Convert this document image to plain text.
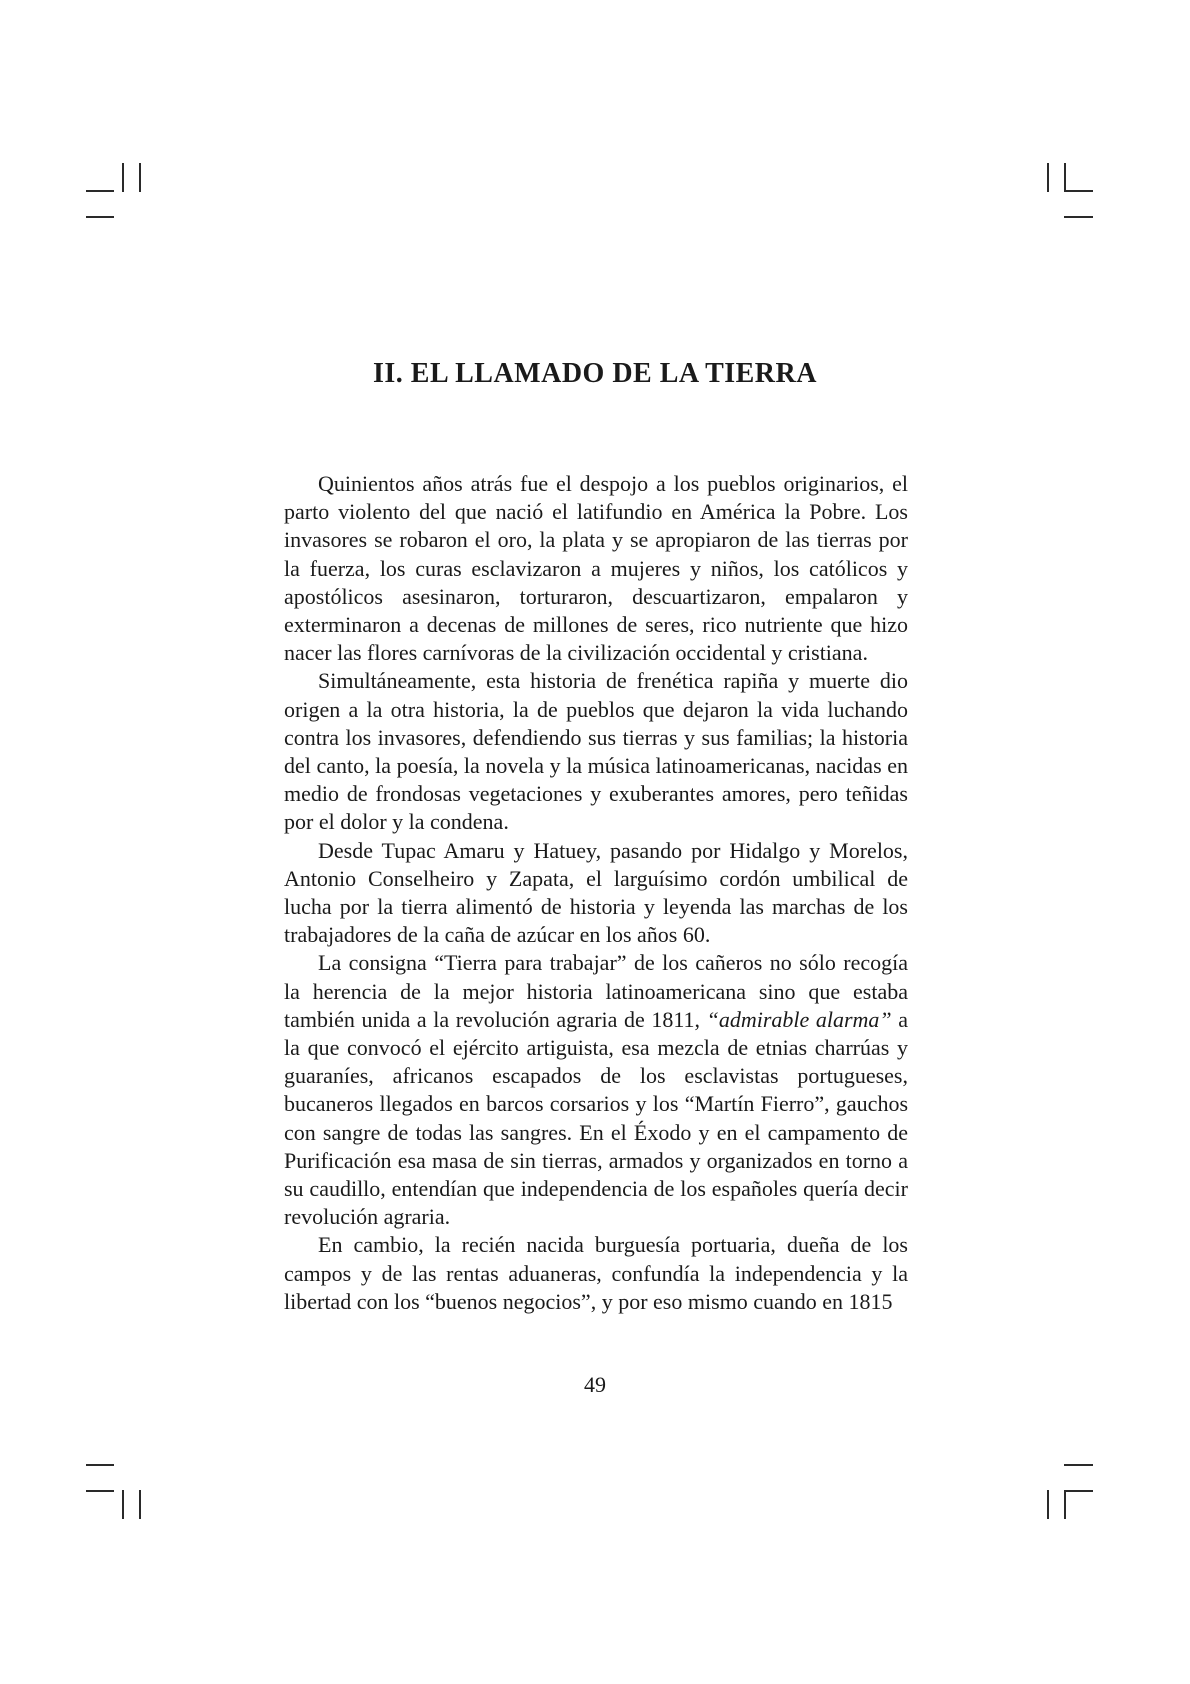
II. EL LLAMADO DE LA TIERRA

Quinientos años atrás fue el despojo a los pueblos originarios, el parto violento del que nació el latifundio en América la Pobre. Los invasores se robaron el oro, la plata y se apropiaron de las tierras por la fuerza, los curas esclavizaron a mujeres y niños, los católicos y apostólicos asesinaron, torturaron, descuartizaron, empalaron y exterminaron a decenas de millones de seres, rico nutriente que hizo nacer las flores carnívoras de la civilización occidental y cristiana.

Simultáneamente, esta historia de frenética rapiña y muerte dio origen a la otra historia, la de pueblos que dejaron la vida luchando contra los invasores, defendiendo sus tierras y sus familias; la historia del canto, la poesía, la novela y la música latinoamericanas, nacidas en medio de frondosas vegetaciones y exuberantes amores, pero teñidas por el dolor y la condena.

Desde Tupac Amaru y Hatuey, pasando por Hidalgo y Morelos, Antonio Conselheiro y Zapata, el larguísimo cordón umbilical de lucha por la tierra alimentó de historia y leyenda las marchas de los trabajadores de la caña de azúcar en los años 60.

La consigna “Tierra para trabajar” de los cañeros no sólo recogía la herencia de la mejor historia latinoamericana sino que estaba también unida a la revolución agraria de 1811, “admirable alarma” a la que convocó el ejército artiguista, esa mezcla de etnias charrúas y guaraníes, africanos escapados de los esclavistas portugueses, bucaneros llegados en barcos corsarios y los “Martín Fierro”, gauchos con sangre de todas las sangres. En el Éxodo y en el campamento de Purificación esa masa de sin tierras, armados y organizados en torno a su caudillo, entendían que independencia de los españoles quería decir revolución agraria.

En cambio, la recién nacida burguesía portuaria, dueña de los campos y de las rentas aduaneras, confundía la independencia y la libertad con los “buenos negocios”, y por eso mismo cuando en 1815

49
